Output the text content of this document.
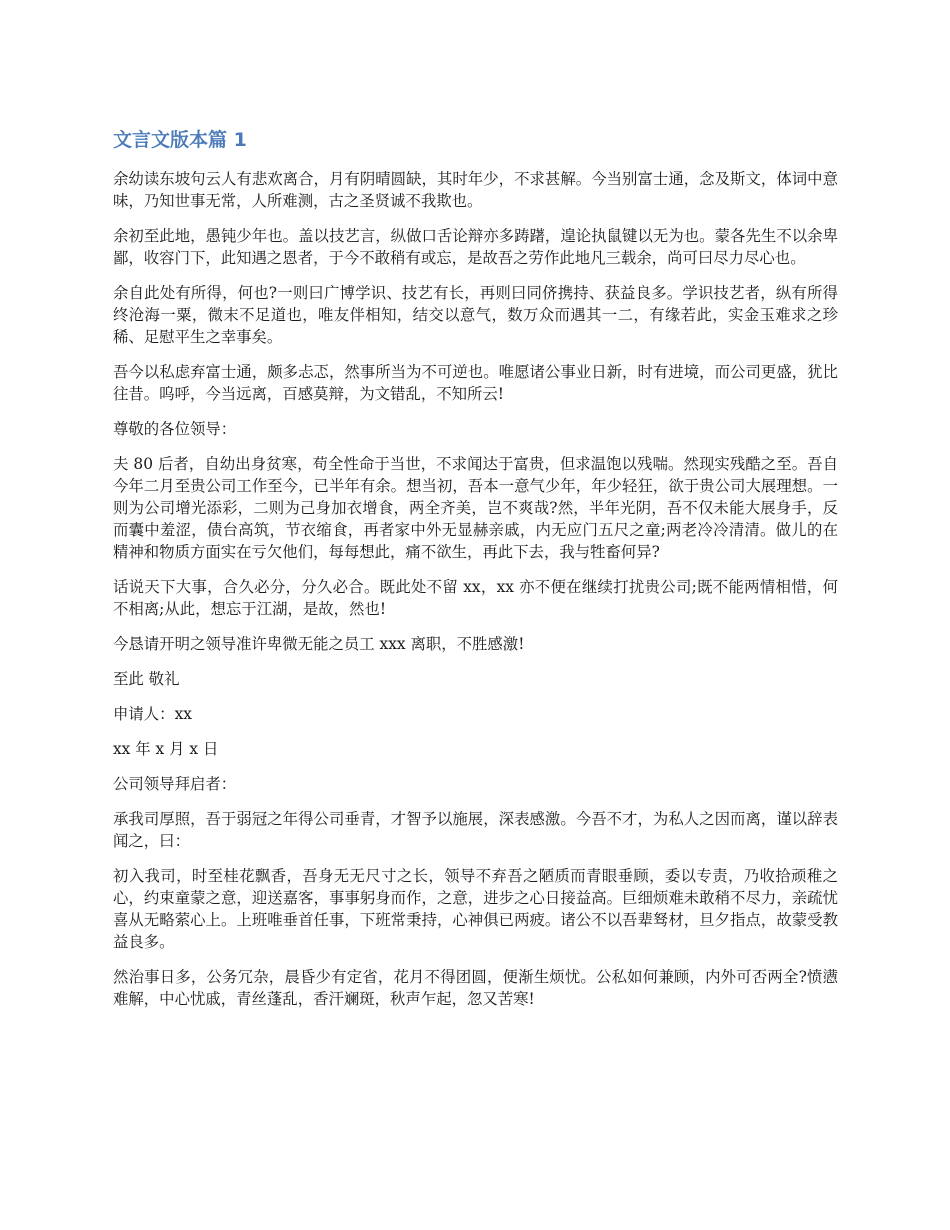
文言文版本篇 1

余幼读东坡句云人有悲欢离合，月有阴晴圆缺，其时年少，不求甚解。今当别富士通，念及斯文，体词中意味，乃知世事无常，人所难测，古之圣贤诚不我欺也。

余初至此地，愚钝少年也。盖以技艺言，纵做口舌论辩亦多踌躇，遑论执鼠键以无为也。蒙各先生不以余卑鄙，收容门下，此知遇之恩者，于今不敢稍有或忘，是故吾之劳作此地凡三载余，尚可曰尽力尽心也。

余自此处有所得，何也?一则曰广博学识、技艺有长，再则曰同侪携持、获益良多。学识技艺者，纵有所得终沧海一粟，微末不足道也，唯友伴相知，结交以意气，数万众而遇其一二，有缘若此，实金玉难求之珍稀、足慰平生之幸事矣。

吾今以私虑弃富士通，颇多忐忑，然事所当为不可逆也。唯愿诸公事业日新，时有进境，而公司更盛，犹比往昔。呜呼，今当远离，百感莫辩，为文错乱，不知所云!

尊敬的各位领导：

夫 80 后者，自幼出身贫寒，苟全性命于当世，不求闻达于富贵，但求温饱以残喘。然现实残酷之至。吾自今年二月至贵公司工作至今，已半年有余。想当初，吾本一意气少年，年少轻狂，欲于贵公司大展理想。一则为公司增光添彩，二则为己身加衣增食，两全齐美，岂不爽哉?然，半年光阴，吾不仅未能大展身手，反而囊中羞涩，债台高筑，节衣缩食，再者家中外无显赫亲戚，内无应门五尺之童;两老冷冷清清。做儿的在精神和物质方面实在亏欠他们，每每想此，痛不欲生，再此下去，我与牲畜何异?

话说天下大事，合久必分，分久必合。既此处不留 xx，xx 亦不便在继续打扰贵公司;既不能两情相惜，何不相离;从此，想忘于江湖，是故，然也!

今恳请开明之领导准许卑微无能之员工 xxx 离职，不胜感激!

至此 敬礼

申请人：xx

xx 年 x 月 x 日

公司领导拜启者：

承我司厚照，吾于弱冠之年得公司垂青，才智予以施展，深表感激。今吾不才，为私人之因而离，谨以辞表闻之，曰：

初入我司，时至桂花飘香，吾身无无尺寸之长，领导不弃吾之陋质而青眼垂顾，委以专责，乃收拾顽稚之心，约束童蒙之意，迎送嘉客，事事躬身而作，之意，进步之心日接益高。巨细烦难未敢稍不尽力，亲疏忧喜从无略萦心上。上班唯垂首任事，下班常秉持，心神俱已两疲。诸公不以吾辈驽材，旦夕指点，故蒙受教益良多。

然治事日多，公务冗杂，晨昏少有定省，花月不得团圆，便渐生烦忧。公私如何兼顾，内外可否两全?愤懑难解，中心忧戚，青丝蓬乱，香汗斓斑，秋声乍起，忽又苦寒!
